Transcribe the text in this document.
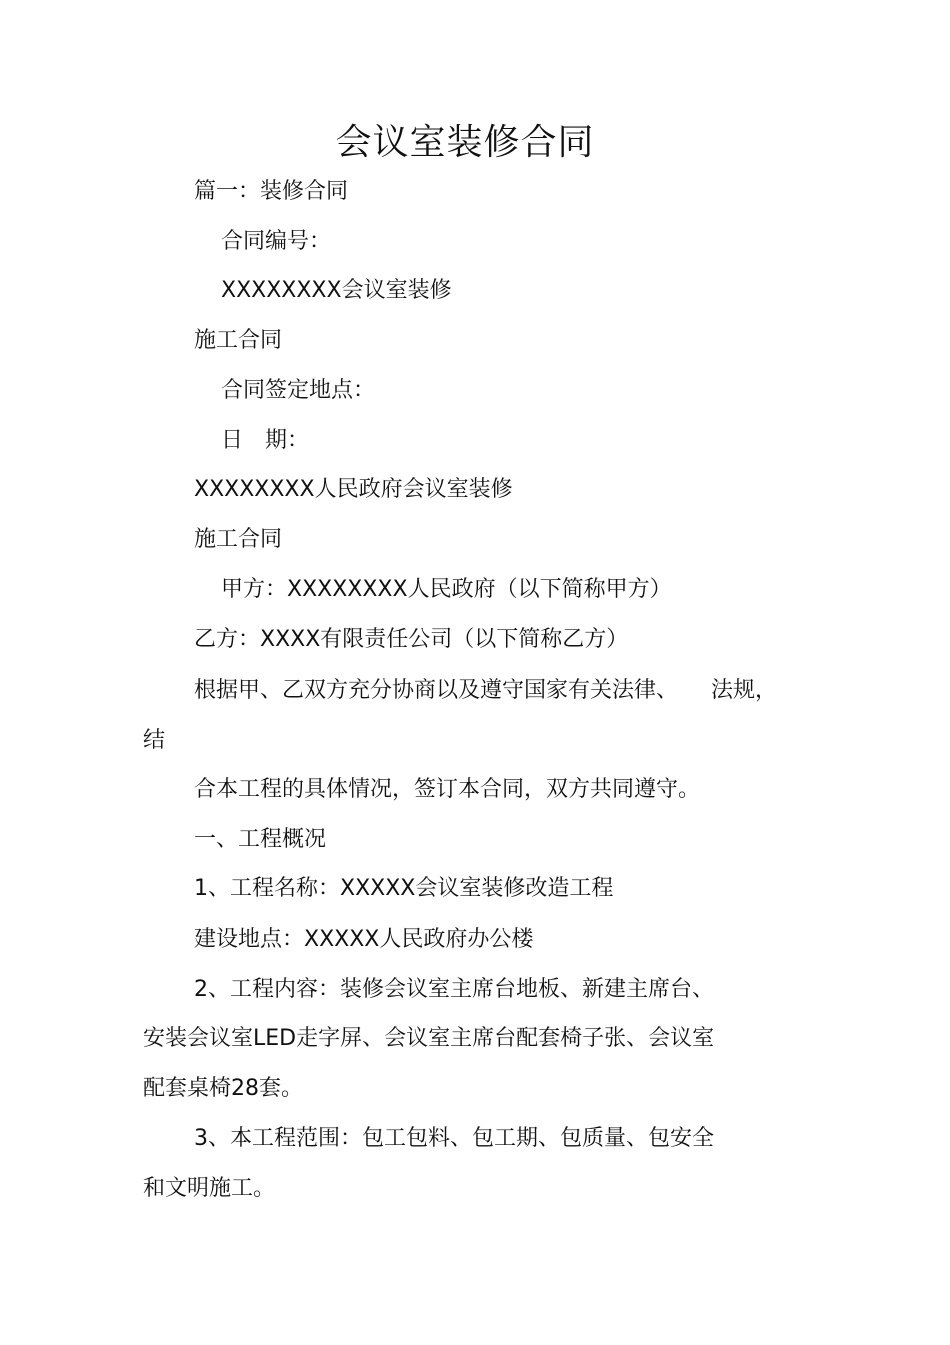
会议室装修合同
篇一：装修合同
合同编号：
XXXXXXXX会议室装修
施工合同
合同签定地点：
日　期：
XXXXXXXX人民政府会议室装修
施工合同
甲方：XXXXXXXX人民政府（以下简称甲方）
乙方：XXXX有限责任公司（以下简称乙方）
根据甲、乙双方充分协商以及遵守国家有关法律、　　法规，
结
合本工程的具体情况，签订本合同，双方共同遵守。
一、工程概况
1、工程名称：XXXXX会议室装修改造工程
建设地点：XXXXX人民政府办公楼
2、工程内容：装修会议室主席台地板、新建主席台、
安装会议室LED走字屏、会议室主席台配套椅子张、会议室
配套桌椅28套。
3、本工程范围：包工包料、包工期、包质量、包安全
和文明施工。
